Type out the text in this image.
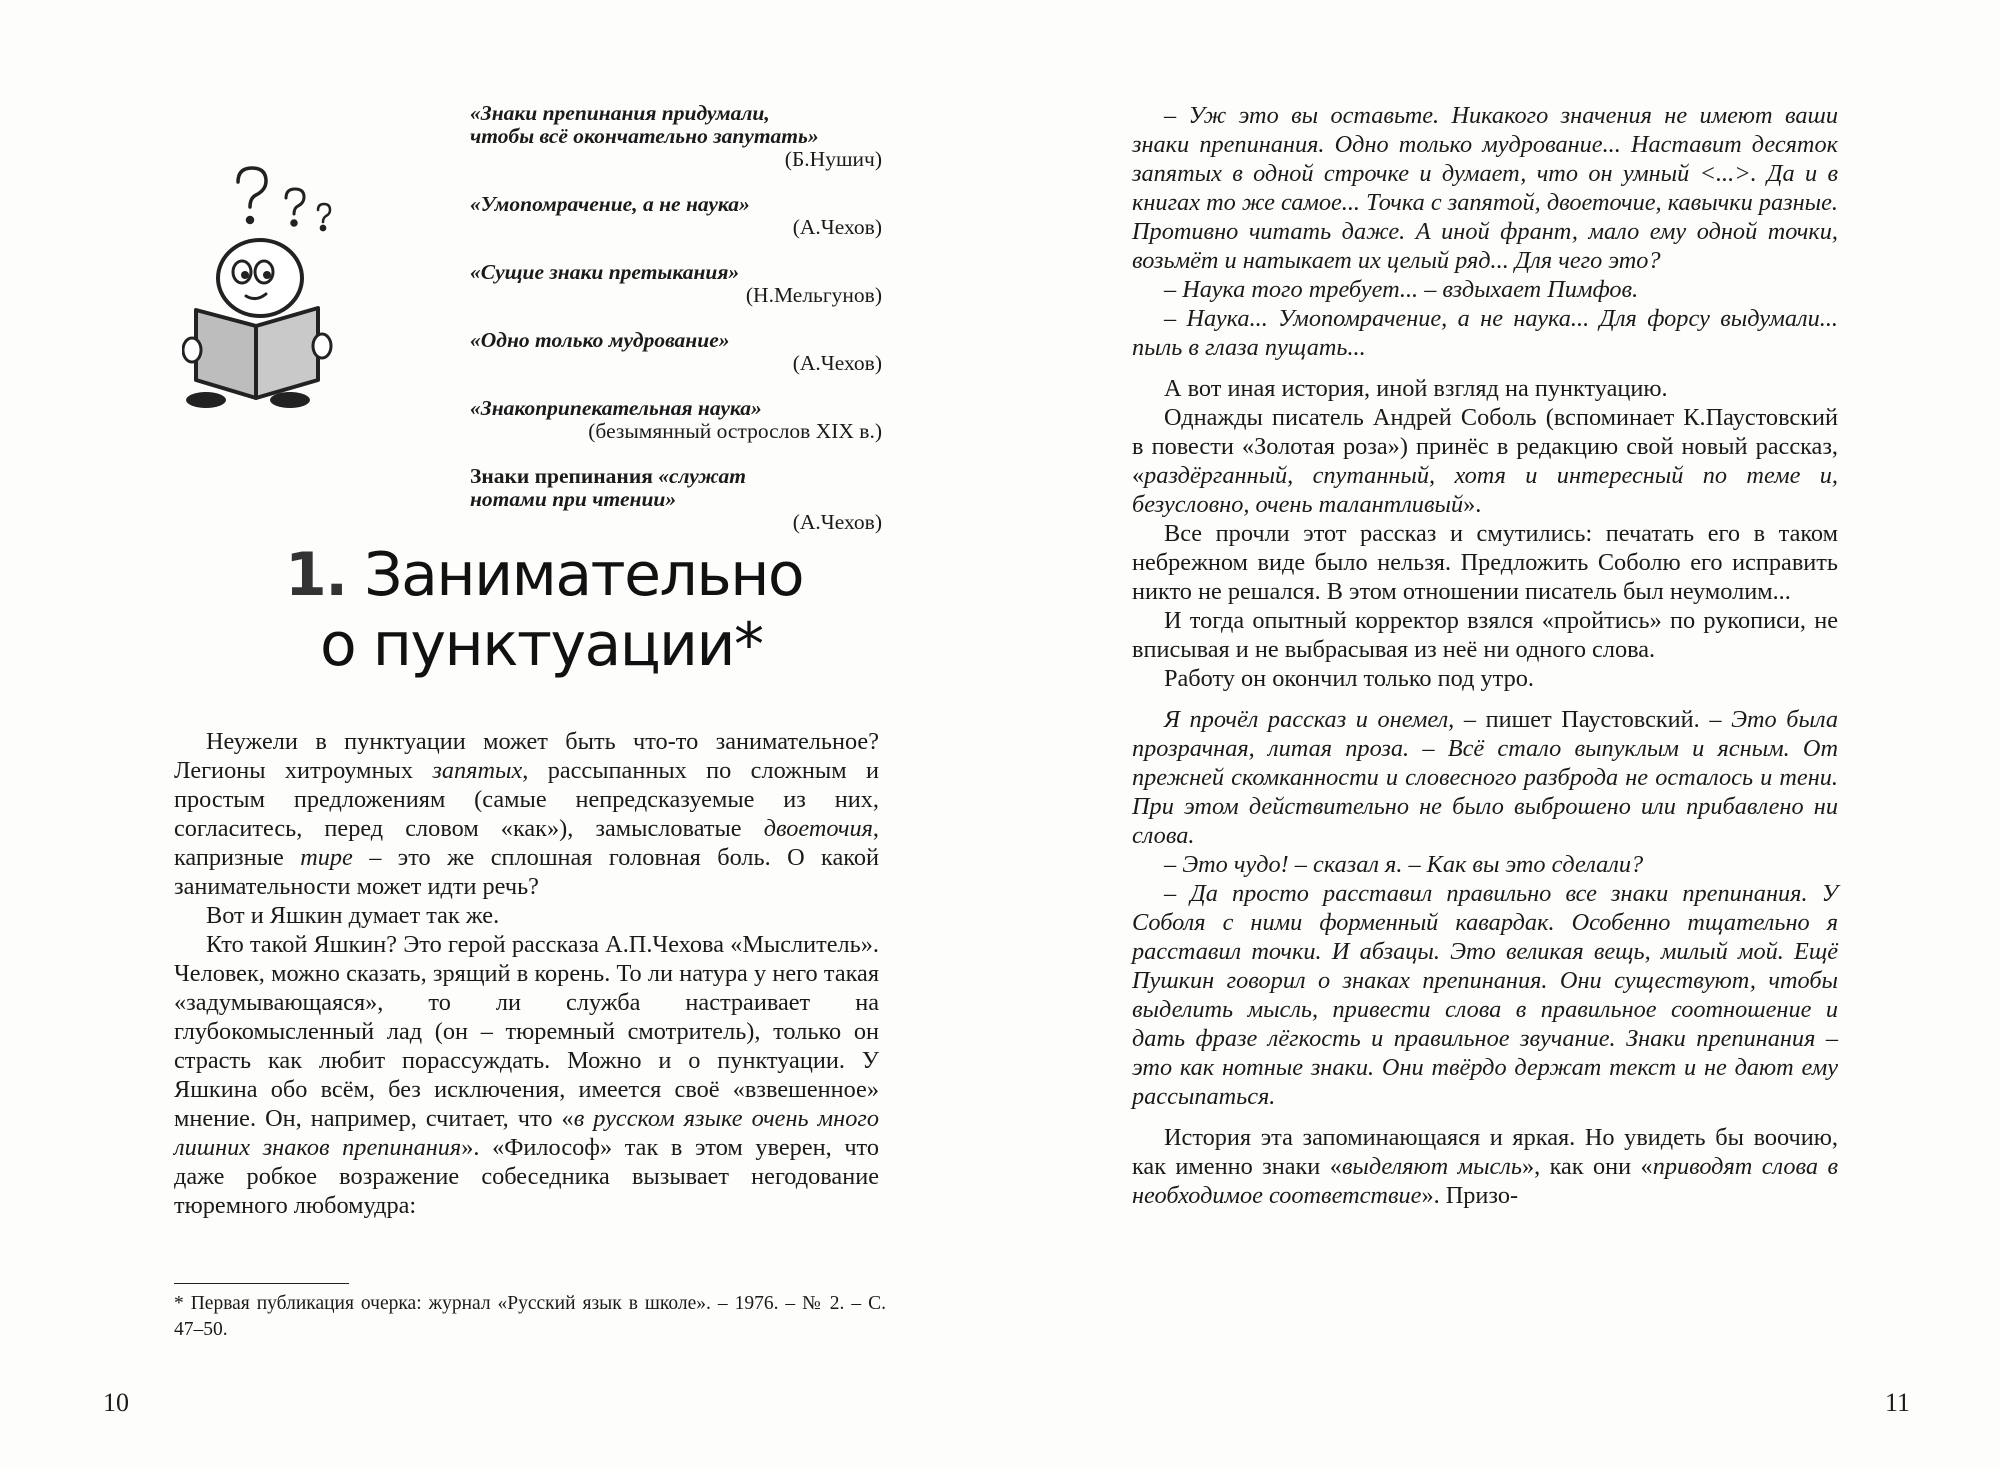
«Знаки препинания придумали,
чтобы всё окончательно запутать»
(Б.Нушич)
«Умопомрачение, а не наука»
(А.Чехов)
«Сущие знаки претыкания»
(Н.Мельгунов)
«Одно только мудрование»
(А.Чехов)
«Знакоприпекательная наука»
(безымянный острослов XIX в.)
Знаки препинания «служат
нотами при чтении»
(А.Чехов)
1. Занимательно
о пунктуации*

Неужели в пунктуации может быть что-то занимательное? Легионы хитроумных запятых, рассыпанных по сложным и простым предложениям (самые непредсказуемые из них, согласитесь, перед словом «как»), замысловатые двоеточия, капризные тире – это же сплошная головная боль. О какой занимательности может идти речь?

Вот и Яшкин думает так же.

Кто такой Яшкин? Это герой рассказа А.П.Чехова «Мыслитель». Человек, можно сказать, зрящий в корень. То ли натура у него такая «задумывающаяся», то ли служба настраивает на глубокомысленный лад (он – тюремный смотритель), только он страсть как любит порассуждать. Можно и о пунктуации. У Яшкина обо всём, без исключения, имеется своё «взвешенное» мнение. Он, например, считает, что «в русском языке очень много лишних знаков препинания». «Философ» так в этом уверен, что даже робкое возражение собеседника вызывает негодование тюремного любомудра:

* Первая публикация очерка: журнал «Русский язык в школе». – 1976. – № 2. – С. 47–50.
10

– Уж это вы оставьте. Никакого значения не имеют ваши знаки препинания. Одно только мудрование... Наставит десяток запятых в одной строчке и думает, что он умный <...>. Да и в книгах то же самое... Точка с запятой, двоеточие, кавычки разные. Противно читать даже. А иной франт, мало ему одной точки, возьмёт и натыкает их целый ряд... Для чего это?

– Наука того требует... – вздыхает Пимфов.

– Наука... Умопомрачение, а не наука... Для форсу выдумали... пыль в глаза пущать...

А вот иная история, иной взгляд на пунктуацию.

Однажды писатель Андрей Соболь (вспоминает К.Паустовский в повести «Золотая роза») принёс в редакцию свой новый рассказ, «раздёрганный, спутанный, хотя и интересный по теме и, безусловно, очень талантливый».

Все прочли этот рассказ и смутились: печатать его в таком небрежном виде было нельзя. Предложить Соболю его исправить никто не решался. В этом отношении писатель был неумолим...

И тогда опытный корректор взялся «пройтись» по рукописи, не вписывая и не выбрасывая из неё ни одного слова.

Работу он окончил только под утро.

Я прочёл рассказ и онемел, – пишет Паустовский. – Это была прозрачная, литая проза. – Всё стало выпуклым и ясным. От прежней скомканности и словесного разброда не осталось и тени. При этом действительно не было выброшено или прибавлено ни слова.

– Это чудо! – сказал я. – Как вы это сделали?

– Да просто расставил правильно все знаки препинания. У Соболя с ними форменный кавардак. Особенно тщательно я расставил точки. И абзацы. Это великая вещь, милый мой. Ещё Пушкин говорил о знаках препинания. Они существуют, чтобы выделить мысль, привести слова в правильное соотношение и дать фразе лёгкость и правильное звучание. Знаки препинания – это как нотные знаки. Они твёрдо держат текст и не дают ему рассыпаться.

История эта запоминающаяся и яркая. Но увидеть бы воочию, как именно знаки «выделяют мысль», как они «приводят слова в необходимое соответствие». Призо-

11
